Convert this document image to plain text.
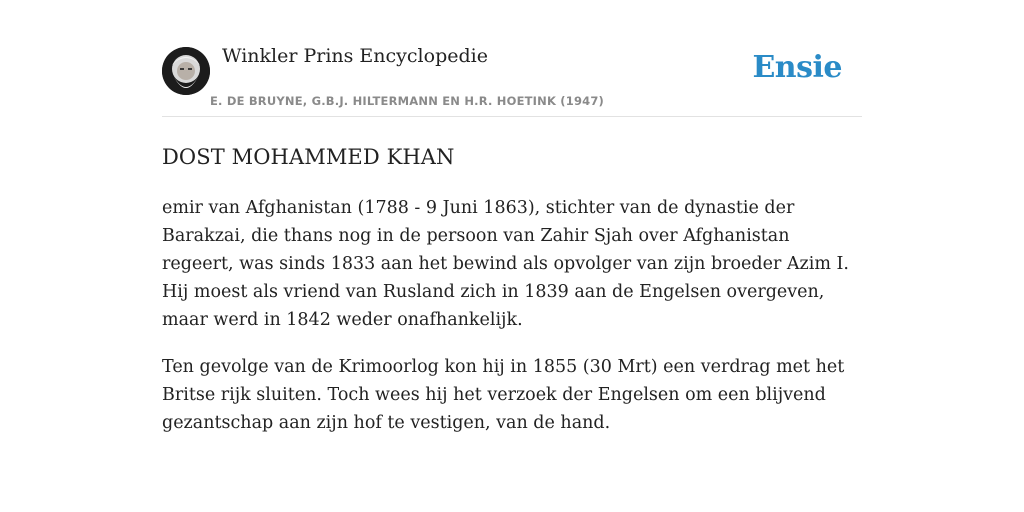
Winkler Prins Encyclopedie	Ensie
E. DE BRUYNE, G.B.J. HILTERMANN EN H.R. HOETINK (1947)
DOST MOHAMMED KHAN

emir van Afghanistan (1788 - 9 Juni 1863), stichter van de dynastie der Barakzai, die thans nog in de persoon van Zahir Sjah over Afghanistan regeert, was sinds 1833 aan het bewind als opvolger van zijn broeder Azim I. Hij moest als vriend van Rusland zich in 1839 aan de Engelsen overgeven, maar werd in 1842 weder onafhankelijk.

Ten gevolge van de Krimoorlog kon hij in 1855 (30 Mrt) een verdrag met het Britse rijk sluiten. Toch wees hij het verzoek der Engelsen om een blijvend gezantschap aan zijn hof te vestigen, van de hand.
